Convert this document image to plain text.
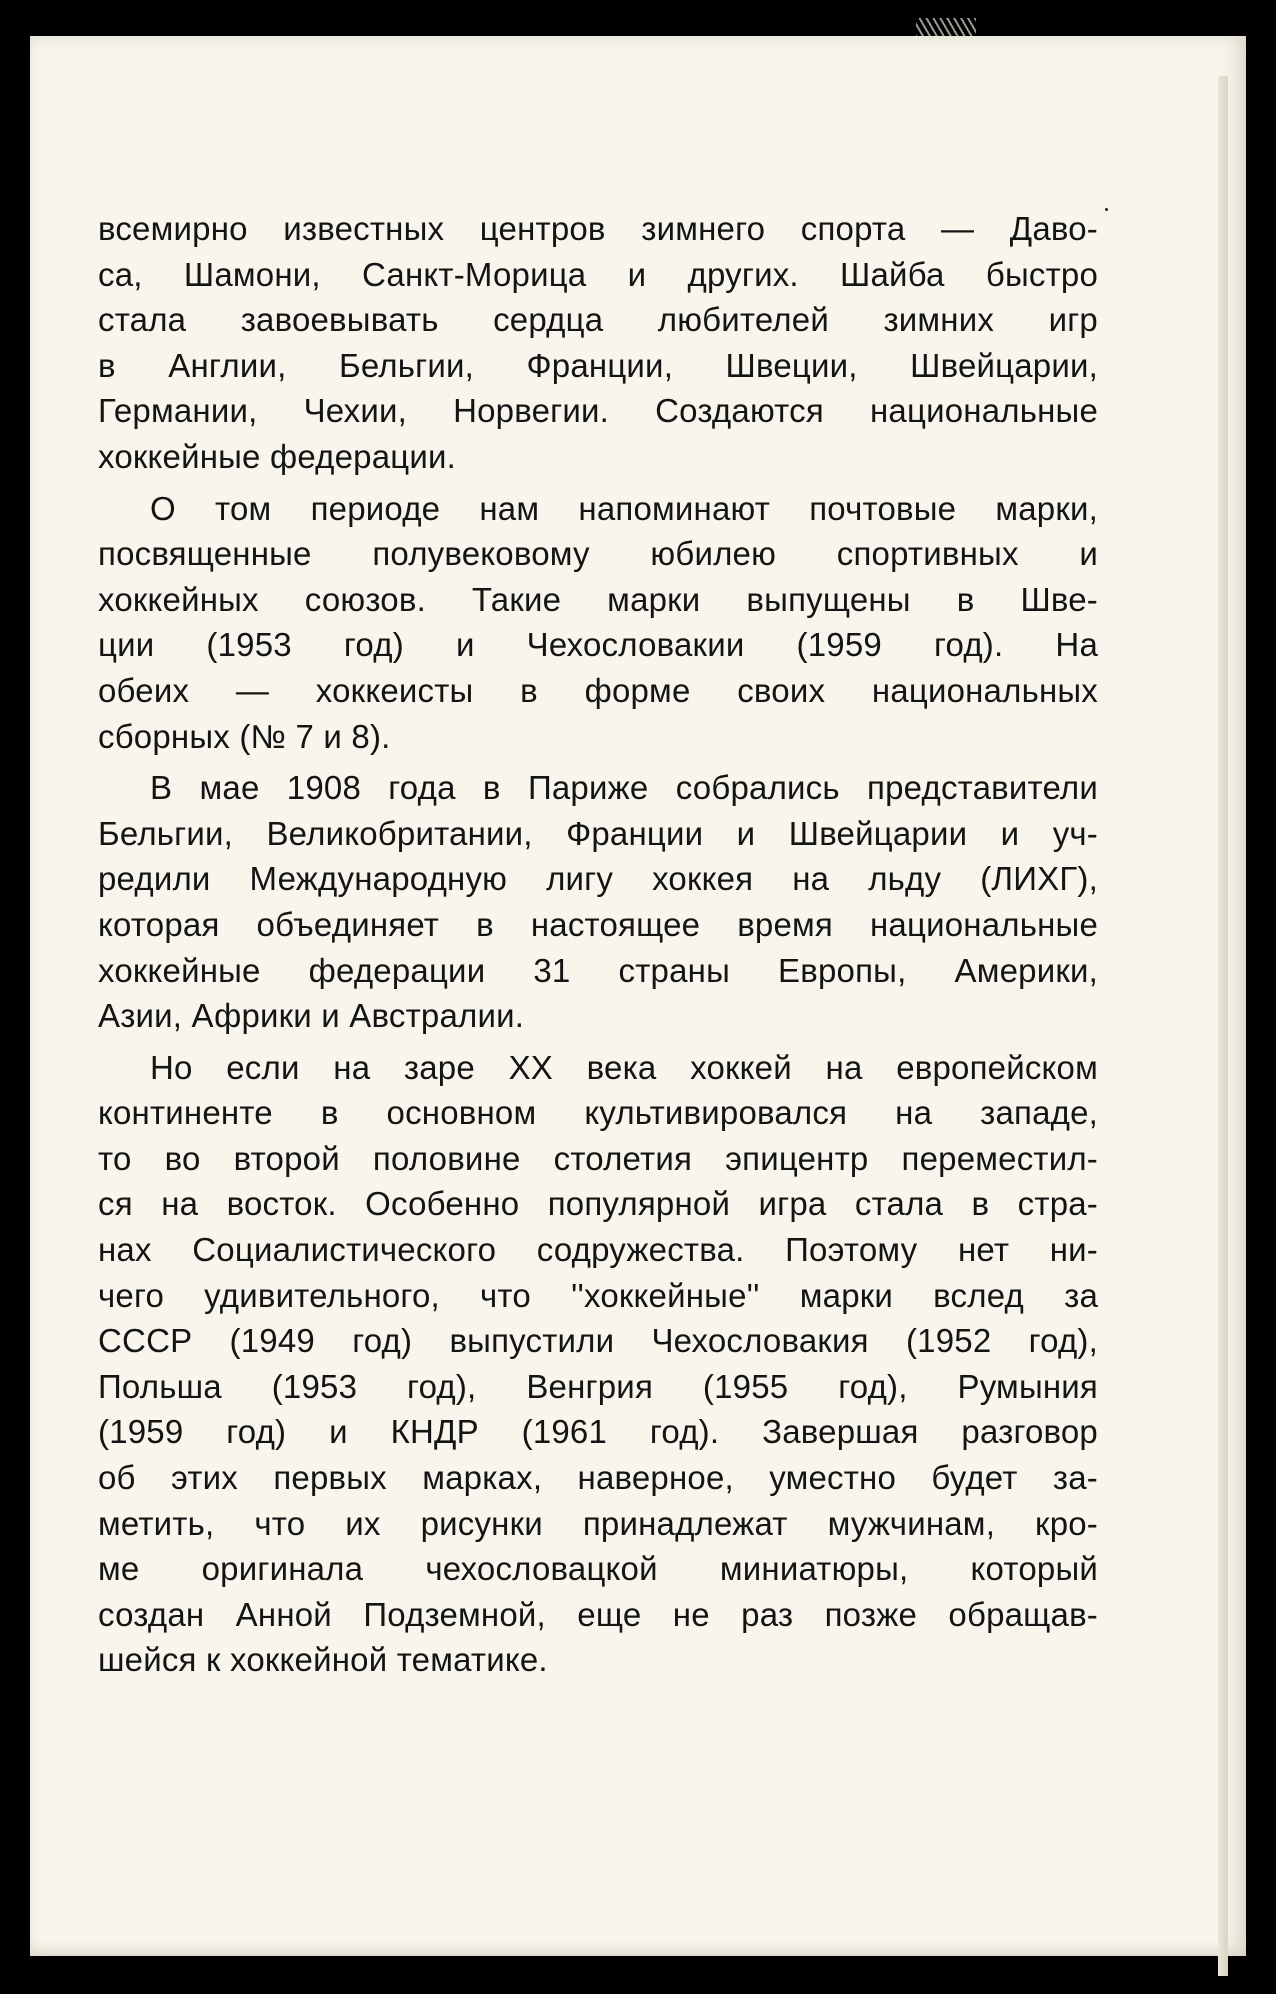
всемирно известных центров зимнего спорта — Даво-
са, Шамони, Санкт-Морица и других. Шайба быстро
стала завоевывать сердца любителей зимних игр
в Англии, Бельгии, Франции, Швеции, Швейцарии,
Германии, Чехии, Норвегии. Создаются национальные
хоккейные федерации.
О том периоде нам напоминают почтовые марки,
посвященные полувековому юбилею спортивных и
хоккейных союзов. Такие марки выпущены в Шве-
ции (1953 год) и Чехословакии (1959 год). На
обеих — хоккеисты в форме своих национальных
сборных (№ 7 и 8).
В мае 1908 года в Париже собрались представители
Бельгии, Великобритании, Франции и Швейцарии и уч-
редили Международную лигу хоккея на льду (ЛИХГ),
которая объединяет в настоящее время национальные
хоккейные федерации 31 страны Европы, Америки,
Азии, Африки и Австралии.
Но если на заре XX века хоккей на европейском
континенте в основном культивировался на западе,
то во второй половине столетия эпицентр переместил-
ся на восток. Особенно популярной игра стала в стра-
нах Социалистического содружества. Поэтому нет ни-
чего удивительного, что ''хоккейные'' марки вслед за
СССР (1949 год) выпустили Чехословакия (1952 год),
Польша (1953 год), Венгрия (1955 год), Румыния
(1959 год) и КНДР (1961 год). Завершая разговор
об этих первых марках, наверное, уместно будет за-
метить, что их рисунки принадлежат мужчинам, кро-
ме оригинала чехословацкой миниатюры, который
создан Анной Подземной, еще не раз позже обращав-
шейся к хоккейной тематике.
